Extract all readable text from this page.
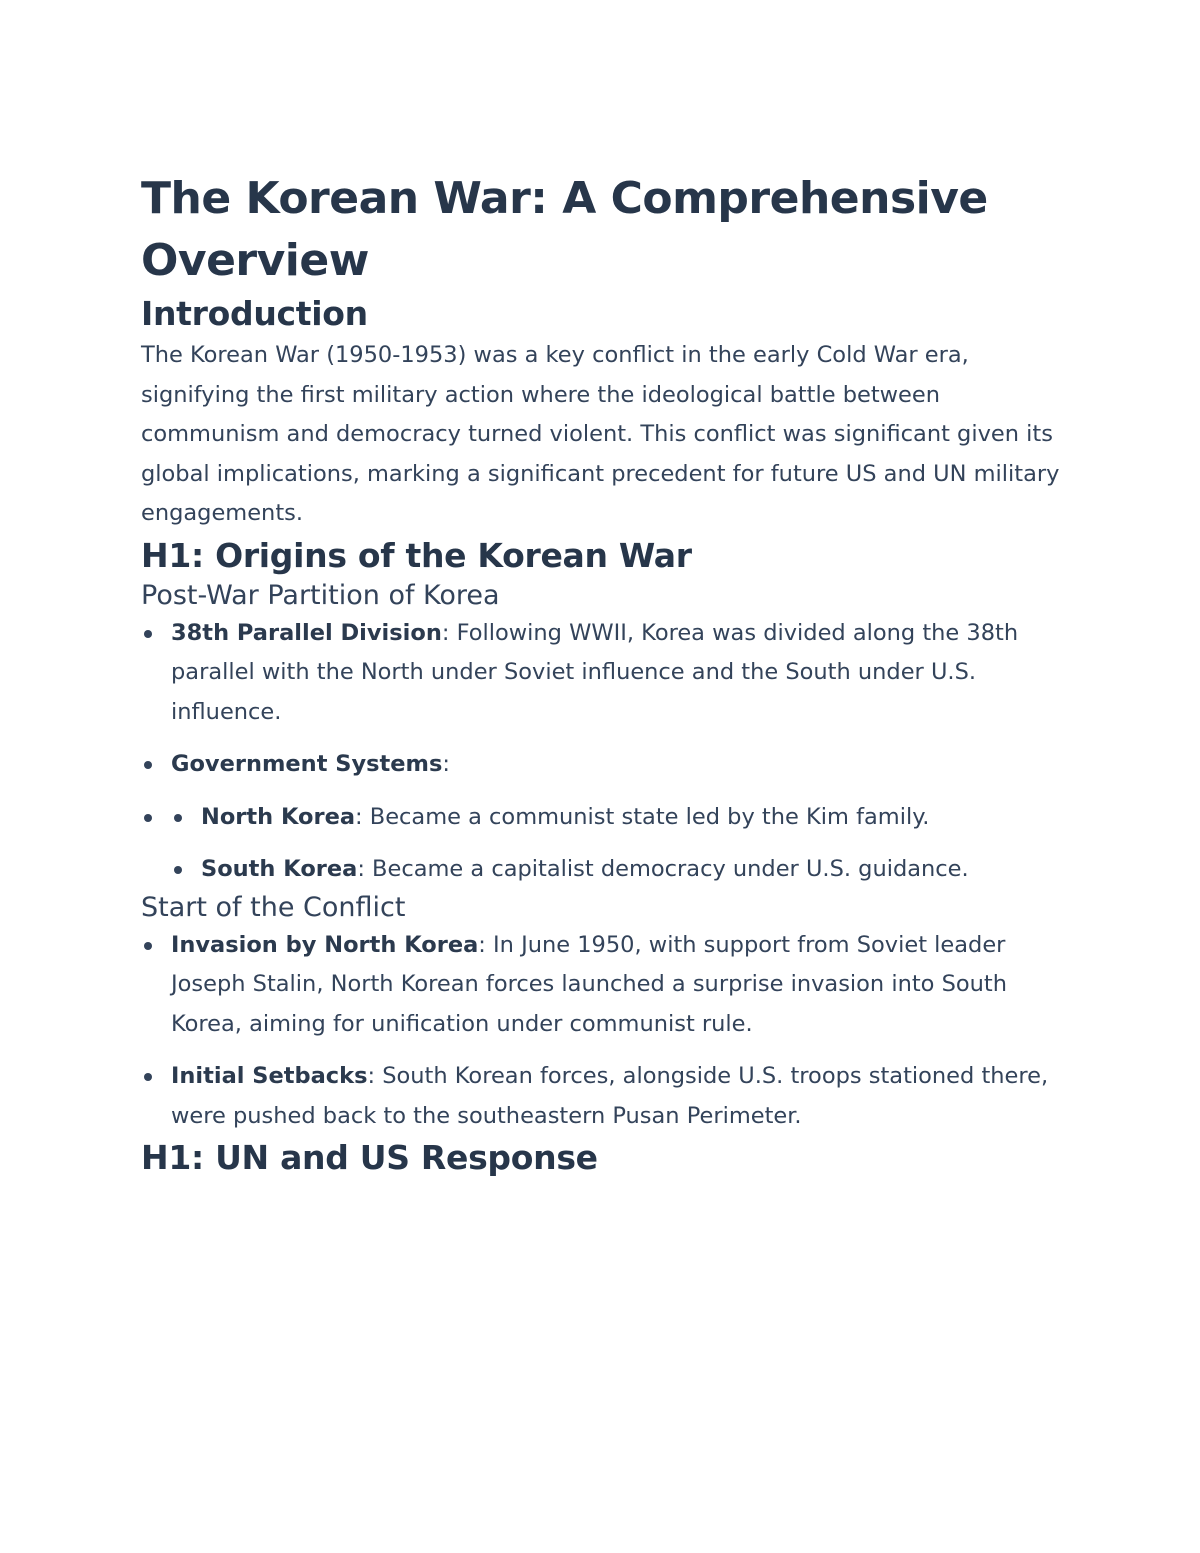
The Korean War: A Comprehensive Overview
Introduction

The Korean War (1950-1953) was a key conflict in the early Cold War era, signifying the first military action where the ideological battle between communism and democracy turned violent. This conflict was significant given its global implications, marking a significant precedent for future US and UN military engagements.

H1: Origins of the Korean War
Post-War Partition of Korea
38th Parallel Division: Following WWII, Korea was divided along the 38th parallel with the North under Soviet influence and the South under U.S. influence.
Government Systems:
North Korea: Became a communist state led by the Kim family.
South Korea: Became a capitalist democracy under U.S. guidance.
Start of the Conflict
Invasion by North Korea: In June 1950, with support from Soviet leader Joseph Stalin, North Korean forces launched a surprise invasion into South Korea, aiming for unification under communist rule.
Initial Setbacks: South Korean forces, alongside U.S. troops stationed there, were pushed back to the southeastern Pusan Perimeter.
H1: UN and US Response
